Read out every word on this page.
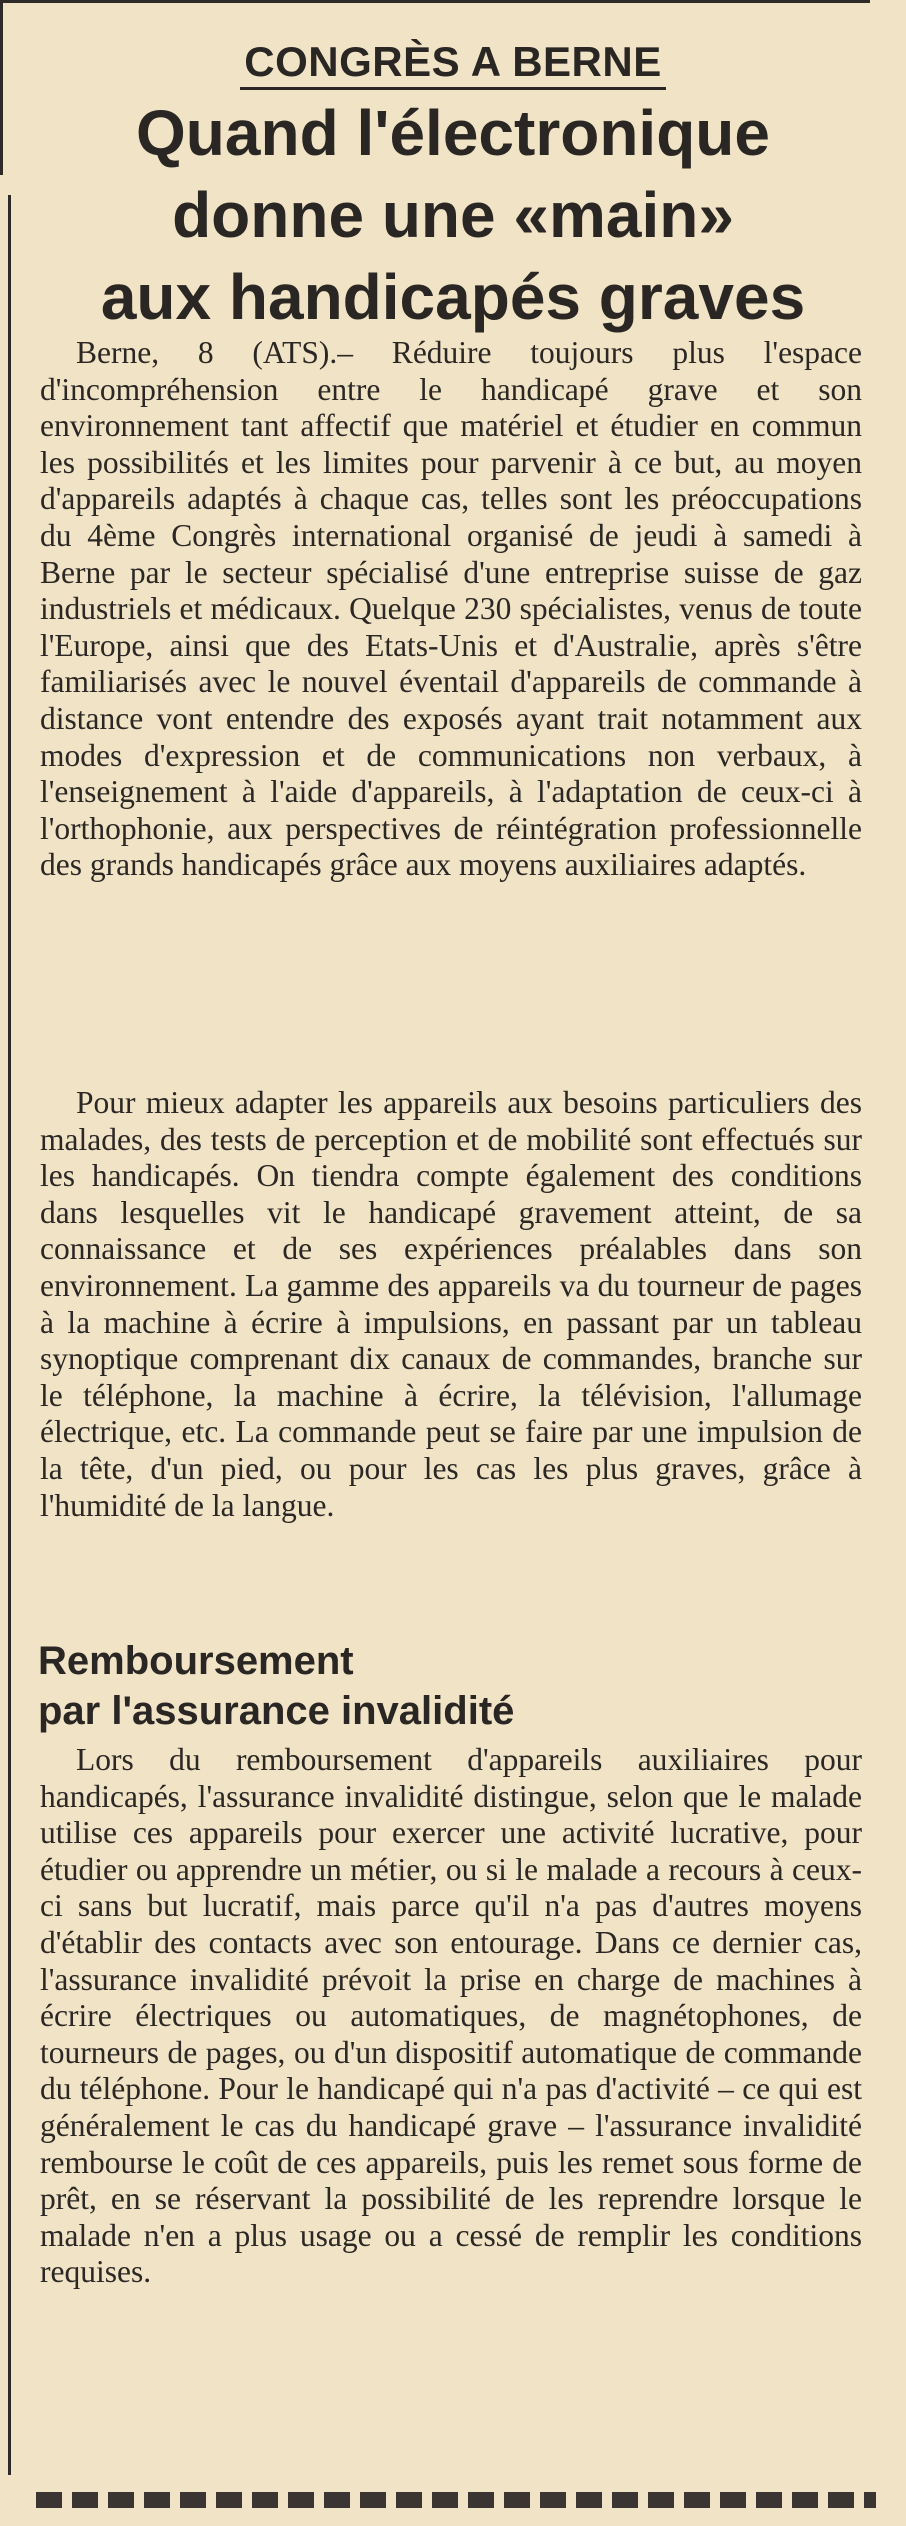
CONGRÈS A BERNE
Quand l'électronique
donne une «main»
aux handicapés graves

Berne, 8 (ATS).– Réduire toujours plus l'espace d'incompréhension entre le handicapé grave et son environnement tant affectif que matériel et étudier en commun les possibilités et les limites pour parvenir à ce but, au moyen d'appareils adaptés à chaque cas, telles sont les préoccupations du 4ème Congrès international organisé de jeudi à samedi à Berne par le secteur spécialisé d'une entreprise suisse de gaz industriels et médicaux. Quelque 230 spécialistes, venus de toute l'Europe, ainsi que des Etats-Unis et d'Australie, après s'être familiarisés avec le nouvel éventail d'appareils de commande à distance vont entendre des exposés ayant trait notamment aux modes d'expression et de communications non verbaux, à l'enseignement à l'aide d'appareils, à l'adaptation de ceux-ci à l'orthophonie, aux perspectives de réintégration professionnelle des grands handicapés grâce aux moyens auxiliaires adaptés.

Pour mieux adapter les appareils aux besoins particuliers des malades, des tests de perception et de mobilité sont effectués sur les handicapés. On tiendra compte également des conditions dans lesquelles vit le handicapé gravement atteint, de sa connaissance et de ses expériences préalables dans son environnement. La gamme des appareils va du tourneur de pages à la machine à écrire à impulsions, en passant par un tableau synoptique comprenant dix canaux de commandes, branche sur le téléphone, la machine à écrire, la télévision, l'allumage électrique, etc. La commande peut se faire par une impulsion de la tête, d'un pied, ou pour les cas les plus graves, grâce à l'humidité de la langue.

Remboursement
par l'assurance invalidité

Lors du remboursement d'appareils auxiliaires pour handicapés, l'assurance invalidité distingue, selon que le malade utilise ces appareils pour exercer une activité lucrative, pour étudier ou apprendre un métier, ou si le malade a recours à ceux-ci sans but lucratif, mais parce qu'il n'a pas d'autres moyens d'établir des contacts avec son entourage. Dans ce dernier cas, l'assurance invalidité prévoit la prise en charge de machines à écrire électriques ou automatiques, de magnétophones, de tourneurs de pages, ou d'un dispositif automatique de commande du téléphone. Pour le handicapé qui n'a pas d'activité – ce qui est généralement le cas du handicapé grave – l'assurance invalidité rembourse le coût de ces appareils, puis les remet sous forme de prêt, en se réservant la possibilité de les reprendre lorsque le malade n'en a plus usage ou a cessé de remplir les conditions requises.
